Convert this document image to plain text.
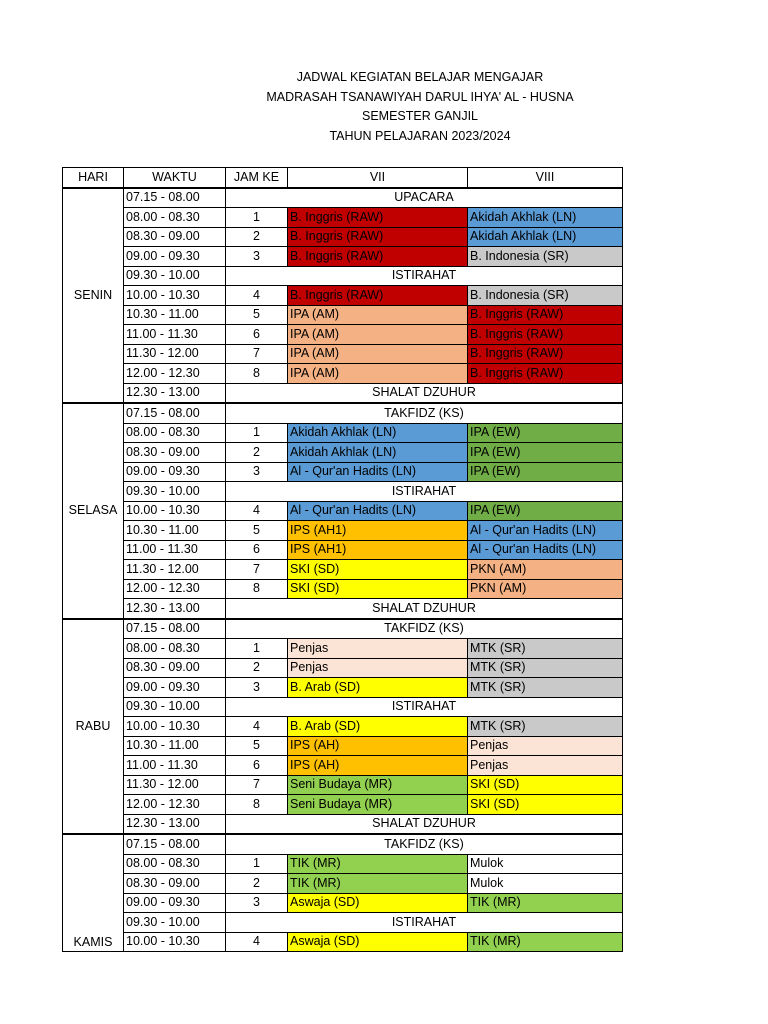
JADWAL KEGIATAN BELAJAR MENGAJAR
MADRASAH TSANAWIYAH DARUL IHYA' AL - HUSNA
SEMESTER GANJIL
TAHUN PELAJARAN 2023/2024
HARI	WAKTU	JAM KE	VII	VIII
SENIN	07.15 - 08.00	UPACARA		
	08.00 - 08.30	1	B. Inggris (RAW)	Akidah Akhlak (LN)
	08.30 - 09.00	2	B. Inggris (RAW)	Akidah Akhlak (LN)
	09.00 - 09.30	3	B. Inggris (RAW)	B. Indonesia (SR)
	09.30 - 10.00	ISTIRAHAT		
	10.00 - 10.30	4	B. Inggris (RAW)	B. Indonesia (SR)
	10.30 - 11.00	5	IPA (AM)	B. Inggris (RAW)
	11.00 - 11.30	6	IPA (AM)	B. Inggris (RAW)
	11.30 - 12.00	7	IPA (AM)	B. Inggris (RAW)
	12.00 - 12.30	8	IPA (AM)	B. Inggris (RAW)
	12.30 - 13.00	SHALAT DZUHUR		
SELASA	07.15 - 08.00	TAKFIDZ (KS)		
	08.00 - 08.30	1	Akidah Akhlak (LN)	IPA (EW)
	08.30 - 09.00	2	Akidah Akhlak (LN)	IPA (EW)
	09.00 - 09.30	3	Al - Qur'an Hadits (LN)	IPA (EW)
	09.30 - 10.00	ISTIRAHAT		
	10.00 - 10.30	4	Al - Qur'an Hadits (LN)	IPA (EW)
	10.30 - 11.00	5	IPS (AH1)	Al - Qur'an Hadits (LN)
	11.00 - 11.30	6	IPS (AH1)	Al - Qur'an Hadits (LN)
	11.30 - 12.00	7	SKI (SD)	PKN (AM)
	12.00 - 12.30	8	SKI (SD)	PKN (AM)
	12.30 - 13.00	SHALAT DZUHUR		
RABU	07.15 - 08.00	TAKFIDZ (KS)		
	08.00 - 08.30	1	Penjas	MTK (SR)
	08.30 - 09.00	2	Penjas	MTK (SR)
	09.00 - 09.30	3	B. Arab (SD)	MTK (SR)
	09.30 - 10.00	ISTIRAHAT		
	10.00 - 10.30	4	B. Arab (SD)	MTK (SR)
	10.30 - 11.00	5	IPS (AH)	Penjas
	11.00 - 11.30	6	IPS (AH)	Penjas
	11.30 - 12.00	7	Seni Budaya (MR)	SKI (SD)
	12.00 - 12.30	8	Seni Budaya (MR)	SKI (SD)
	12.30 - 13.00	SHALAT DZUHUR		
KAMIS	07.15 - 08.00	TAKFIDZ (KS)		
	08.00 - 08.30	1	TIK (MR)	Mulok
	08.30 - 09.00	2	TIK (MR)	Mulok
	09.00 - 09.30	3	Aswaja (SD)	TIK (MR)
	09.30 - 10.00	ISTIRAHAT		
	10.00 - 10.30	4	Aswaja (SD)	TIK (MR)
